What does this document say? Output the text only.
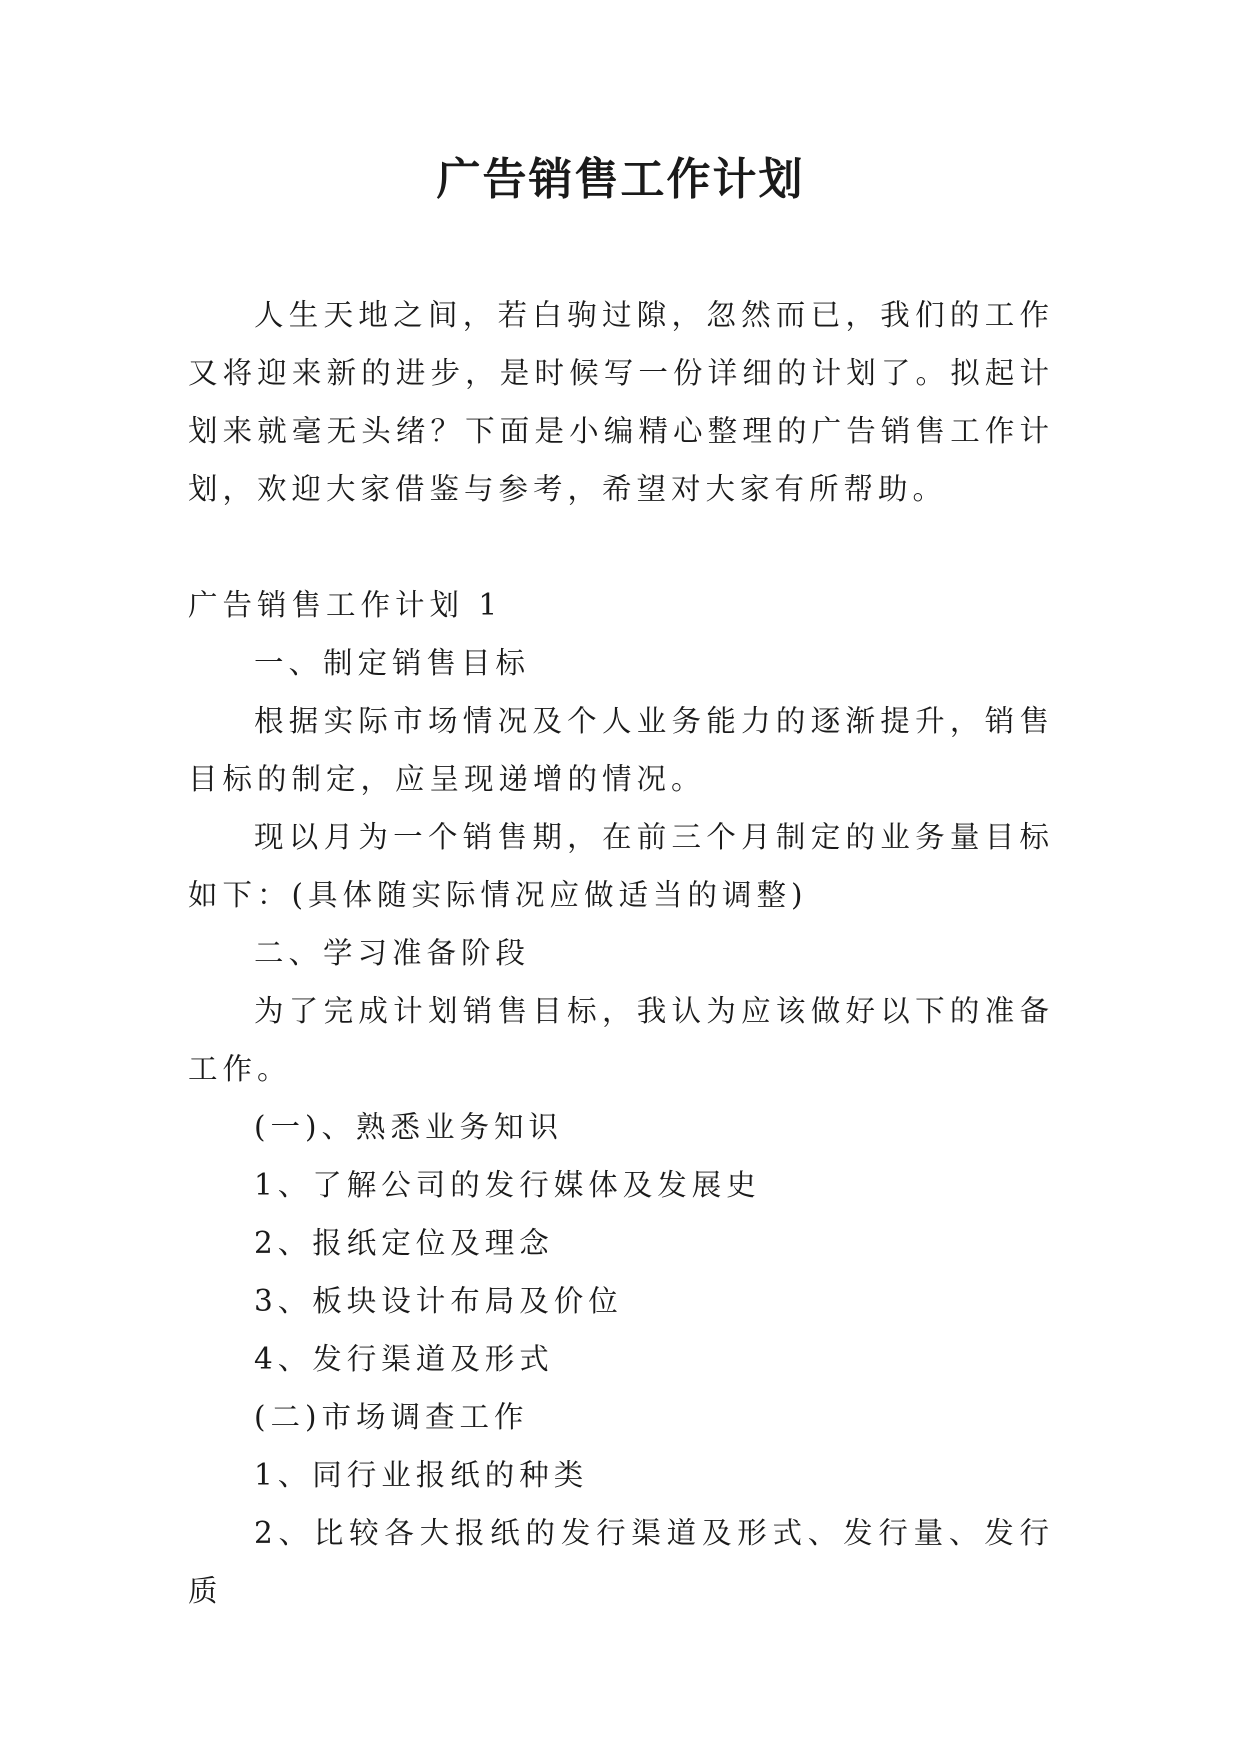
广告销售工作计划

人生天地之间，若白驹过隙，忽然而已，我们的工作又将迎来新的进步，是时候写一份详细的计划了。拟起计划来就毫无头绪？下面是小编精心整理的广告销售工作计划，欢迎大家借鉴与参考，希望对大家有所帮助。

广告销售工作计划 1

一、制定销售目标

根据实际市场情况及个人业务能力的逐渐提升，销售目标的制定，应呈现递增的情况。

现以月为一个销售期，在前三个月制定的业务量目标如下：(具体随实际情况应做适当的调整)

二、学习准备阶段

为了完成计划销售目标，我认为应该做好以下的准备工作。

(一)、熟悉业务知识

1、了解公司的发行媒体及发展史

2、报纸定位及理念

3、板块设计布局及价位

4、发行渠道及形式

(二)市场调查工作

1、同行业报纸的种类

2、比较各大报纸的发行渠道及形式、发行量、发行质
